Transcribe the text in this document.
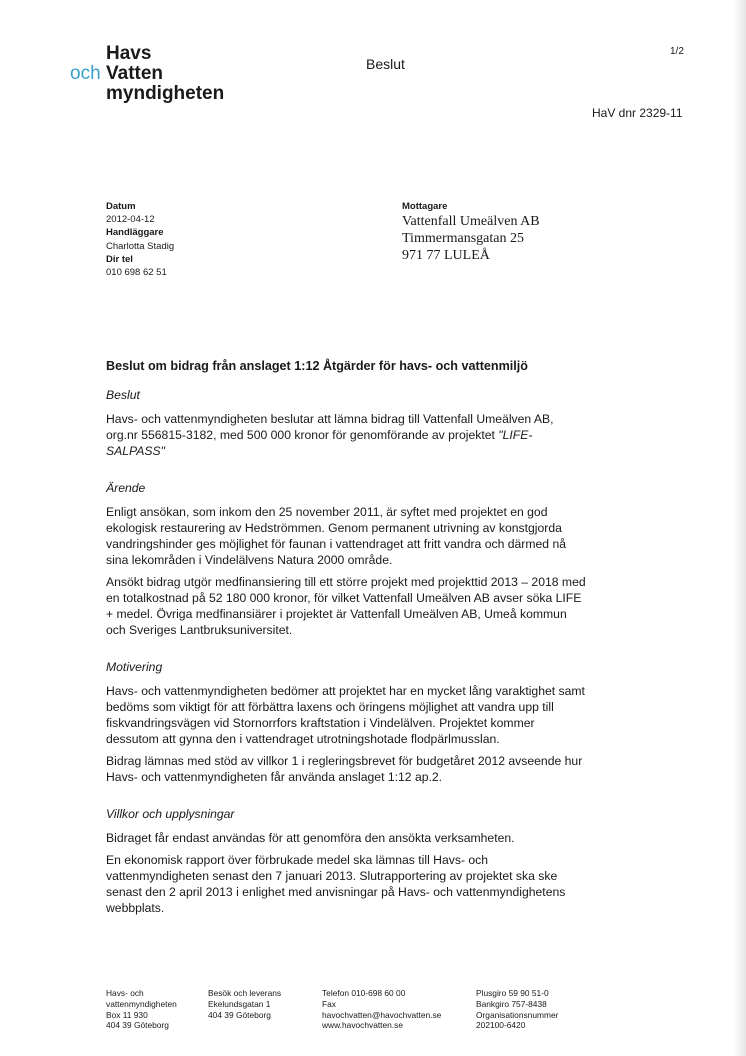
Havs
och Vatten
myndigheten
Beslut
1/2
HaV dnr 2329-11
Datum
2012-04-12
Handläggare
Charlotta Stadig
Dir tel
010 698 62 51
Mottagare
Vattenfall Umeälven AB
Timmermansgatan 25
971 77 LULEÅ
Beslut om bidrag från anslaget 1:12 Åtgärder för havs- och vattenmiljö
Beslut

Havs- och vattenmyndigheten beslutar att lämna bidrag till Vattenfall Umeälven AB, org.nr 556815-3182, med 500 000 kronor för genomförande av projektet "LIFE-SALPASS"

Ärende

Enligt ansökan, som inkom den 25 november 2011, är syftet med projektet en god ekologisk restaurering av Hedströmmen. Genom permanent utrivning av konstgjorda vandringshinder ges möjlighet för faunan i vattendraget att fritt vandra och därmed nå sina lekområden i Vindelälvens Natura 2000 område.

Ansökt bidrag utgör medfinansiering till ett större projekt med projekttid 2013 – 2018 med en totalkostnad på 52 180 000 kronor, för vilket Vattenfall Umeälven AB avser söka LIFE + medel. Övriga medfinansiärer i projektet är Vattenfall Umeälven AB, Umeå kommun och Sveriges Lantbruksuniversitet.

Motivering

Havs- och vattenmyndigheten bedömer att projektet har en mycket lång varaktighet samt bedöms som viktigt för att förbättra laxens och öringens möjlighet att vandra upp till fiskvandringsvägen vid Stornorrfors kraftstation i Vindelälven. Projektet kommer dessutom att gynna den i vattendraget utrotningshotade flodpärlmusslan.

Bidrag lämnas med stöd av villkor 1 i regleringsbrevet för budgetåret 2012 avseende hur Havs- och vattenmyndigheten får använda anslaget 1:12 ap.2.

Villkor och upplysningar

Bidraget får endast användas för att genomföra den ansökta verksamheten.

En ekonomisk rapport över förbrukade medel ska lämnas till Havs- och vattenmyndigheten senast den 7 januari 2013. Slutrapportering av projektet ska ske senast den 2 april 2013 i enlighet med anvisningar på Havs- och vattenmyndighetens webbplats.

Havs- och
vattenmyndigheten
Box 11 930
404 39 Göteborg
Besök och leverans
Ekelundsgatan 1
404 39 Göteborg
Telefon 010-698 60 00
Fax
havochvatten@havochvatten.se
www.havochvatten.se
Plusgiro 59 90 51-0
Bankgiro 757-8438
Organisationsnummer
202100-6420
